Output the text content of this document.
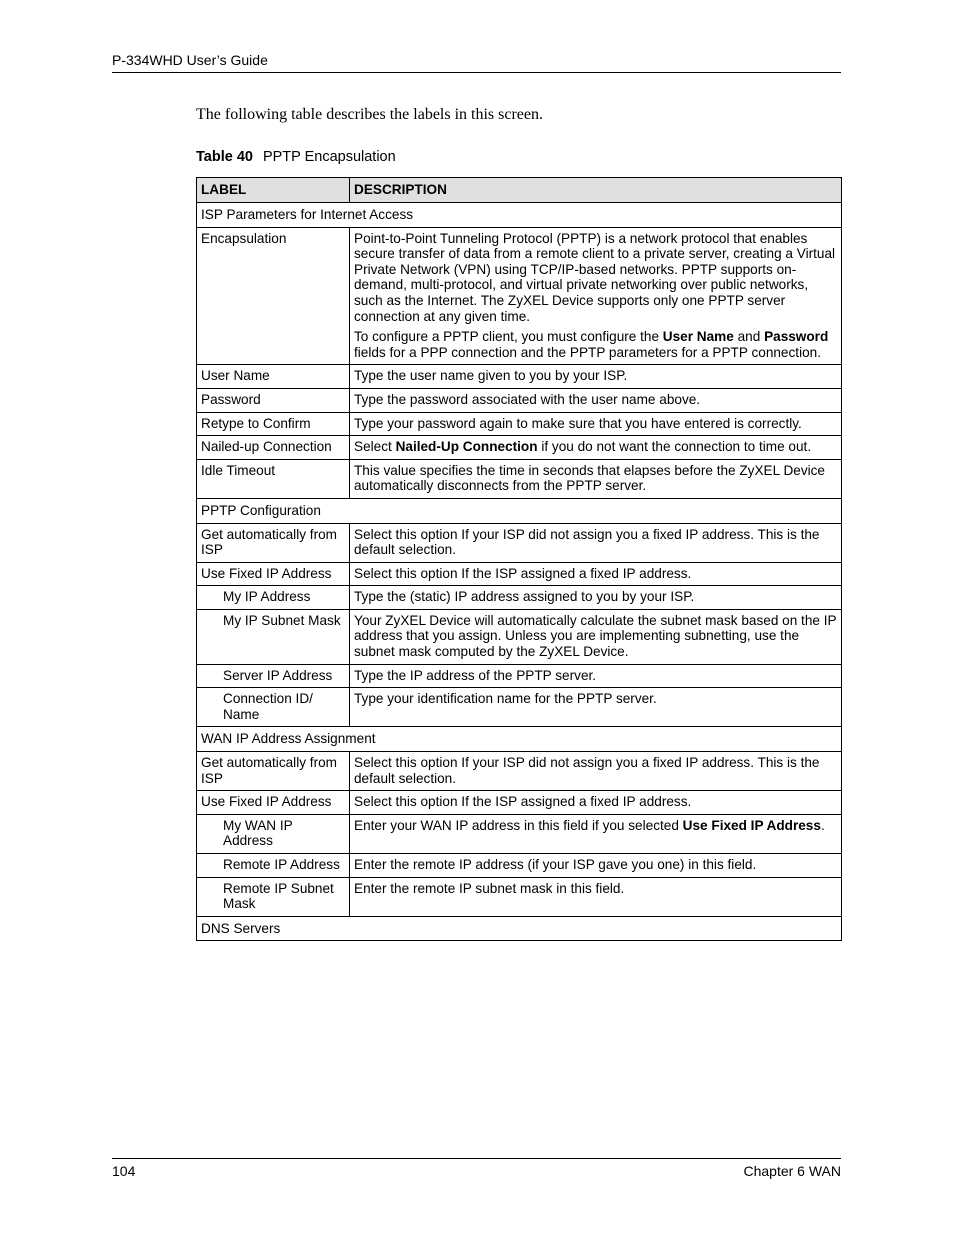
P-334WHD User’s Guide
The following table describes the labels in this screen.
Table 40 PPTP Encapsulation
LABEL	DESCRIPTION
ISP Parameters for Internet Access	
Encapsulation	Point-to-Point Tunneling Protocol (PPTP) is a network protocol that enables secure transfer of data from a remote client to a private server, creating a Virtual Private Network (VPN) using TCP/IP-based networks. PPTP supports on-demand, multi-protocol, and virtual private networking over public networks, such as the Internet. The ZyXEL Device supports only one PPTP server connection at any given time.

To configure a PPTP client, you must configure the User Name and Password fields for a PPP connection and the PPTP parameters for a PPTP connection.

User Name	Type the user name given to you by your ISP.
Password	Type the password associated with the user name above.
Retype to Confirm	Type your password again to make sure that you have entered is correctly.
Nailed-up Connection	Select Nailed-Up Connection if you do not want the connection to time out.
Idle Timeout	This value specifies the time in seconds that elapses before the ZyXEL Device automatically disconnects from the PPTP server.
PPTP Configuration	
Get automatically from ISP	Select this option If your ISP did not assign you a fixed IP address. This is the default selection.
Use Fixed IP Address	Select this option If the ISP assigned a fixed IP address.
My IP Address	Type the (static) IP address assigned to you by your ISP.
My IP Subnet Mask	Your ZyXEL Device will automatically calculate the subnet mask based on the IP address that you assign. Unless you are implementing subnetting, use the subnet mask computed by the ZyXEL Device.
Server IP Address	Type the IP address of the PPTP server.
Connection ID/ Name	Type your identification name for the PPTP server.
WAN IP Address Assignment	
Get automatically from ISP	Select this option If your ISP did not assign you a fixed IP address. This is the default selection.
Use Fixed IP Address	Select this option If the ISP assigned a fixed IP address.
My WAN IP Address	Enter your WAN IP address in this field if you selected Use Fixed IP Address.
Remote IP Address	Enter the remote IP address (if your ISP gave you one) in this field.
Remote IP Subnet Mask	Enter the remote IP subnet mask in this field.
DNS Servers	
104	Chapter 6 WAN
